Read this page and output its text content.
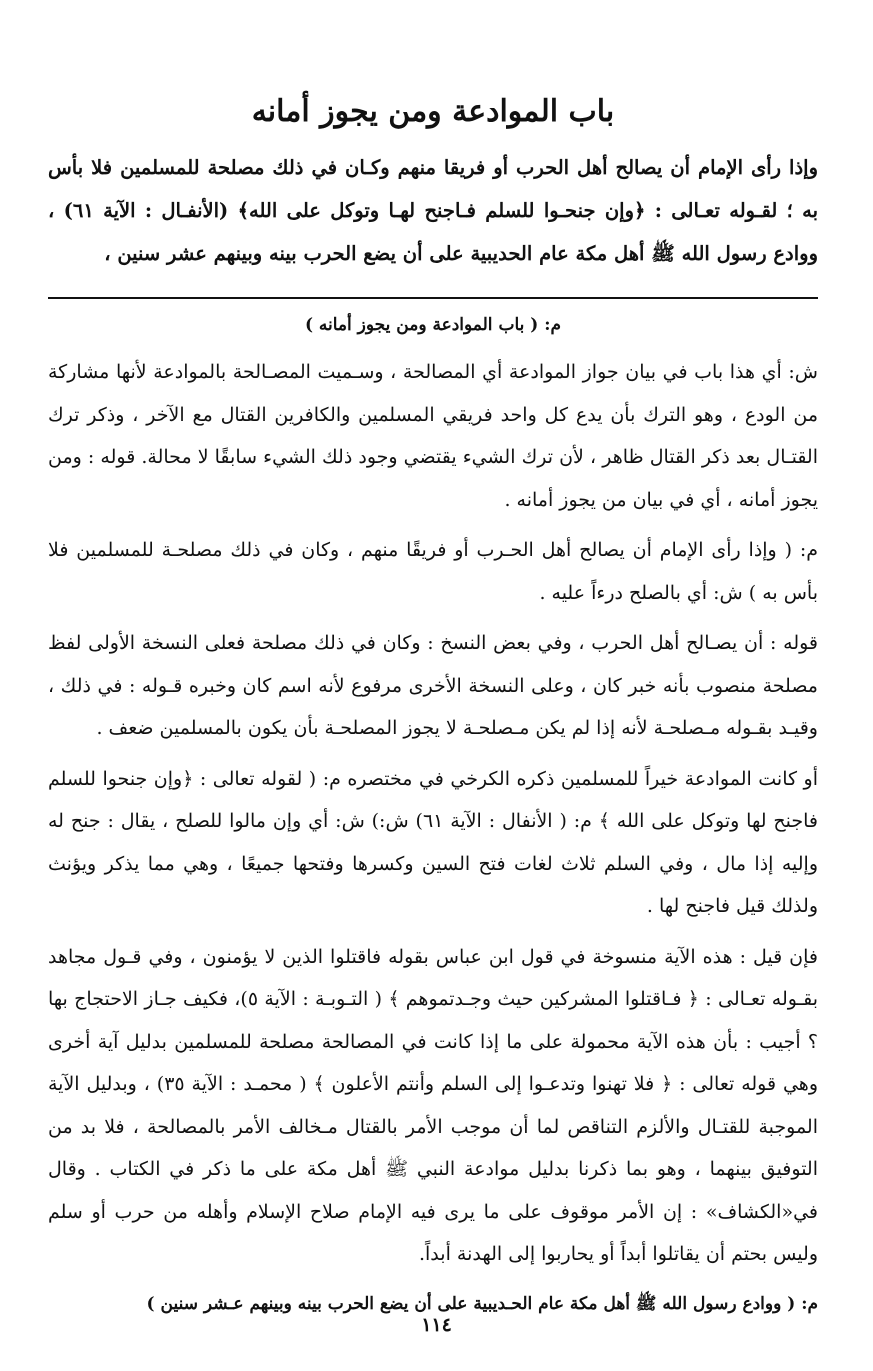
باب الموادعة ومن يجوز أمانه

وإذا رأى الإمام أن يصالح أهل الحرب أو فريقا منهم وكـان في ذلك مصلحة للمسلمين فلا بأس به ؛ لقـوله تعـالى : ﴿وإن جنحـوا للسلم فـاجنح لهـا وتوكل على الله﴾ (الأنفـال : الآية ٦١) ، ووادع رسول الله ﷺ أهل مكة عام الحديبية على أن يضع الحرب بينه وبينهم عشر سنين ،

م: ( باب الموادعة ومن يجوز أمانه )

ش: أي هذا باب في بيان جواز الموادعة أي المصالحة ، وسـميت المصـالحة بالموادعة لأنها مشاركة من الودع ، وهو الترك بأن يدع كل واحد فريقي المسلمين والكافرين القتال مع الآخر ، وذكر ترك القتـال بعد ذكر القتال ظاهر ، لأن ترك الشيء يقتضي وجود ذلك الشيء سابقًا لا محالة. قوله : ومن يجوز أمانه ، أي في بيان من يجوز أمانه .

م: ( وإذا رأى الإمام أن يصالح أهل الحـرب أو فريقًا منهم ، وكان في ذلك مصلحـة للمسلمين فلا بأس به ) ش: أي بالصلح درءاً عليه .

قوله : أن يصـالح أهل الحرب ، وفي بعض النسخ : وكان في ذلك مصلحة فعلى النسخة الأولى لفظ مصلحة منصوب بأنه خبر كان ، وعلى النسخة الأخرى مرفوع لأنه اسم كان وخبره قـوله : في ذلك ، وقيـد بقـوله مـصلحـة لأنه إذا لم يكن مـصلحـة لا يجوز المصلحـة بأن يكون بالمسلمين ضعف .

أو كانت الموادعة خيراً للمسلمين ذكره الكرخي في مختصره م: ( لقوله تعالى : ﴿وإن جنحوا للسلم فاجنح لها وتوكل على الله ﴾ م: ( الأنفال : الآية ٦١) ش:) ش: أي وإن مالوا للصلح ، يقال : جنح له وإليه إذا مال ، وفي السلم ثلاث لغات فتح السين وكسرها وفتحها جميعًا ، وهي مما يذكر ويؤنث ولذلك قيل فاجنح لها .

فإن قيل : هذه الآية منسوخة في قول ابن عباس بقوله فاقتلوا الذين لا يؤمنون ، وفي قـول مجاهد بقـوله تعـالى : ﴿ فـاقتلوا المشركين حيث وجـدتموهم ﴾ ( التـوبـة : الآية ٥)، فكيف جـاز الاحتجاج بها ؟ أجيب : بأن هذه الآية محمولة على ما إذا كانت في المصالحة مصلحة للمسلمين بدليل آية أخرى وهي قوله تعالى : ﴿ فلا تهنوا وتدعـوا إلى السلم وأنتم الأعلون ﴾ ( محمـد : الآية ٣٥) ، وبدليل الآية الموجبة للقتـال والألزم التناقص لما أن موجب الأمر بالقتال مـخالف الأمر بالمصالحة ، فلا بد من التوفيق بينهما ، وهو بما ذكرنا بدليل موادعة النبي ﷺ أهل مكة على ما ذكر في الكتاب . وقال في«الكشاف» : إن الأمر موقوف على ما يرى فيه الإمام صلاح الإسلام وأهله من حرب أو سلم وليس بحتم أن يقاتلوا أبداً أو يحاربوا إلى الهدنة أبداً.

م: ( ووادع رسول الله ﷺ أهل مكة عام الحـديبية على أن يضع الحرب بينه وبينهم عـشر سنين )

١١٤
